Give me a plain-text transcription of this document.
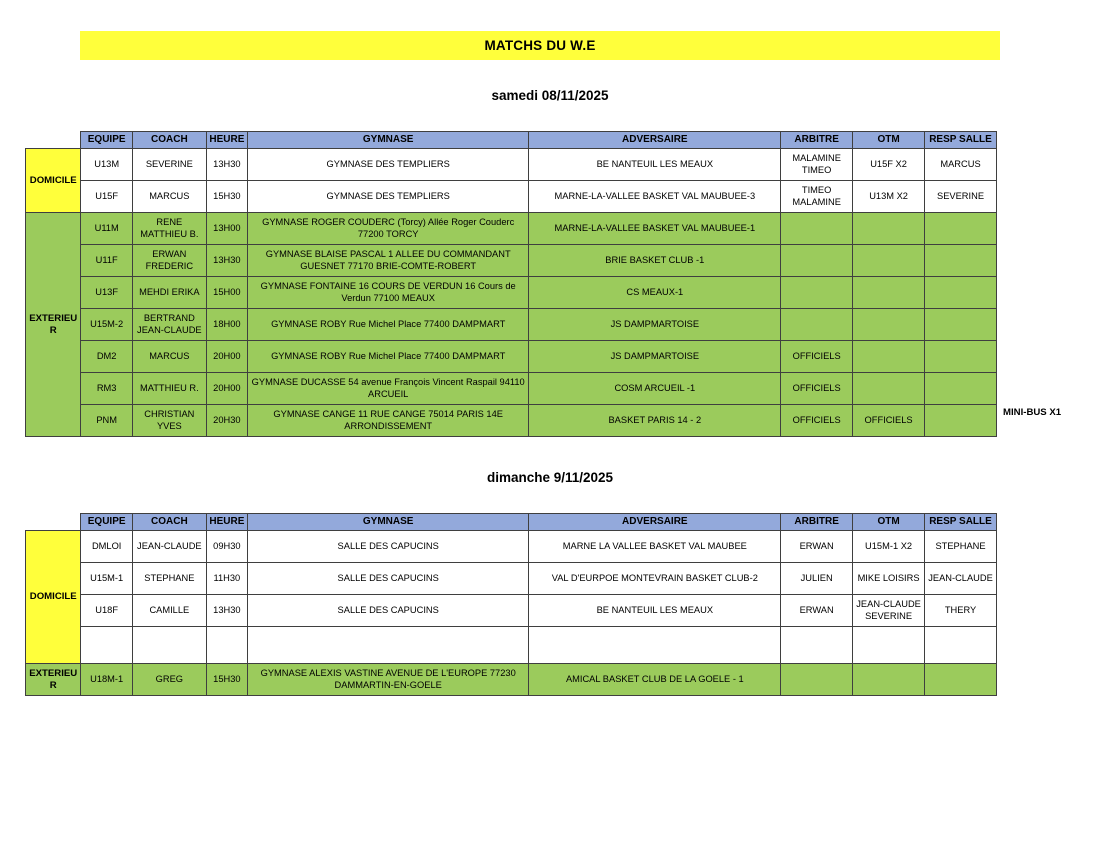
MATCHS DU W.E
samedi 08/11/2025
	EQUIPE	COACH	HEURE	GYMNASE	ADVERSAIRE	ARBITRE	OTM	RESP SALLE
DOMICILE	U13M	SEVERINE	13H30	GYMNASE DES TEMPLIERS	BE NANTEUIL LES MEAUX	MALAMINE TIMEO	U15F X2	MARCUS
	U15F	MARCUS	15H30	GYMNASE DES TEMPLIERS	MARNE-LA-VALLEE BASKET VAL MAUBUEE-3	TIMEO MALAMINE	U13M X2	SEVERINE
EXTERIEUR	U11M	RENE MATTHIEU B.	13H00	GYMNASE ROGER COUDERC (Torcy) Allée Roger Couderc 77200 TORCY	MARNE-LA-VALLEE BASKET VAL MAUBUEE-1			
	U11F	ERWAN FREDERIC	13H30	GYMNASE BLAISE PASCAL 1 ALLEE DU COMMANDANT GUESNET 77170 BRIE-COMTE-ROBERT	BRIE BASKET CLUB -1			
	U13F	MEHDI ERIKA	15H00	GYMNASE FONTAINE 16 COURS DE VERDUN 16 Cours de Verdun 77100 MEAUX	CS MEAUX-1			
	U15M-2	BERTRAND JEAN-CLAUDE	18H00	GYMNASE ROBY Rue Michel Place 77400 DAMPMART	JS DAMPMARTOISE			
	DM2	MARCUS	20H00	GYMNASE ROBY Rue Michel Place 77400 DAMPMART	JS DAMPMARTOISE	OFFICIELS		
	RM3	MATTHIEU R.	20H00	GYMNASE DUCASSE 54 avenue François Vincent Raspail 94110 ARCUEIL	COSM ARCUEIL -1	OFFICIELS		
	PNM	CHRISTIAN YVES	20H30	GYMNASE CANGE 11 RUE CANGE 75014 PARIS 14E ARRONDISSEMENT	BASKET PARIS 14 - 2	OFFICIELS	OFFICIELS	
MINI-BUS X1
dimanche 9/11/2025
	EQUIPE	COACH	HEURE	GYMNASE	ADVERSAIRE	ARBITRE	OTM	RESP SALLE
DOMICILE	DMLOI	JEAN-CLAUDE	09H30	SALLE DES CAPUCINS	MARNE LA VALLEE BASKET VAL MAUBEE	ERWAN	U15M-1 X2	STEPHANE
	U15M-1	STEPHANE	11H30	SALLE DES CAPUCINS	VAL D'EURPOE MONTEVRAIN BASKET CLUB-2	JULIEN	MIKE LOISIRS	JEAN-CLAUDE
	U18F	CAMILLE	13H30	SALLE DES CAPUCINS	BE NANTEUIL LES MEAUX	ERWAN	JEAN-CLAUDE SEVERINE	THERY

EXTERIEUR	U18M-1	GREG	15H30	GYMNASE ALEXIS VASTINE AVENUE DE L'EUROPE 77230 DAMMARTIN-EN-GOELE	AMICAL BASKET CLUB DE LA GOELE - 1			
